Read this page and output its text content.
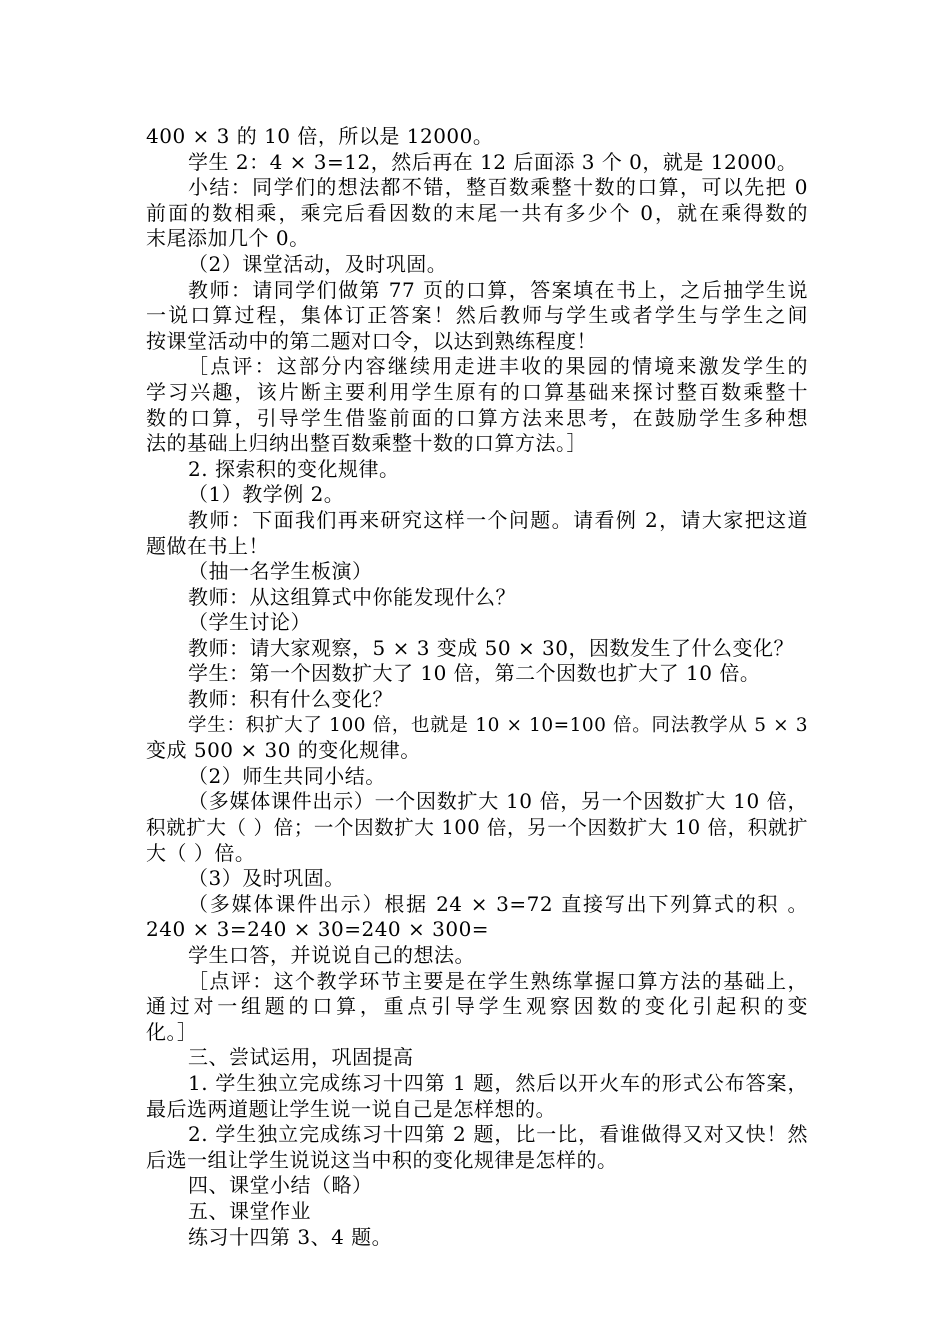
400 × 3 的 10 倍，所以是 12000。
学生 2：4 × 3=12，然后再在 12 后面添 3 个 0，就是 12000。
小结：同学们的想法都不错，整百数乘整十数的口算，可以先把 0
前面的数相乘，乘完后看因数的末尾一共有多少个 0，就在乘得数的
末尾添加几个 0。
（2）课堂活动，及时巩固。
教师：请同学们做第 77 页的口算，答案填在书上，之后抽学生说
一说口算过程，集体订正答案！然后教师与学生或者学生与学生之间
按课堂活动中的第二题对口令，以达到熟练程度！
［点评：这部分内容继续用走进丰收的果园的情境来激发学生的
学习兴趣，该片断主要利用学生原有的口算基础来探讨整百数乘整十
数的口算，引导学生借鉴前面的口算方法来思考，在鼓励学生多种想
法的基础上归纳出整百数乘整十数的口算方法。］
2. 探索积的变化规律。
（1）教学例 2。
教师：下面我们再来研究这样一个问题。请看例 2，请大家把这道
题做在书上！
（抽一名学生板演）
教师：从这组算式中你能发现什么？
（学生讨论）
教师：请大家观察，5 × 3 变成 50 × 30，因数发生了什么变化？
学生：第一个因数扩大了 10 倍，第二个因数也扩大了 10 倍。
教师：积有什么变化？
学生：积扩大了 100 倍，也就是 10 × 10=100 倍。同法教学从 5 × 3
变成 500 × 30 的变化规律。
（2）师生共同小结。
（多媒体课件出示）一个因数扩大 10 倍，另一个因数扩大 10 倍，
积就扩大（ ）倍；一个因数扩大 100 倍，另一个因数扩大 10 倍，积就扩
大（ ）倍。
（3）及时巩固。
（多媒体课件出示）根据 24 × 3=72 直接写出下列算式的积 。
240 × 3=240 × 30=240 × 300=
学生口答，并说说自己的想法。
［点评：这个教学环节主要是在学生熟练掌握口算方法的基础上，
通过对一组题的口算，重点引导学生观察因数的变化引起积的变
化。］
三、尝试运用，巩固提高
1. 学生独立完成练习十四第 1 题，然后以开火车的形式公布答案，
最后选两道题让学生说一说自己是怎样想的。
2. 学生独立完成练习十四第 2 题，比一比，看谁做得又对又快！然
后选一组让学生说说这当中积的变化规律是怎样的。
四、课堂小结（略）
五、课堂作业
练习十四第 3、4 题。
